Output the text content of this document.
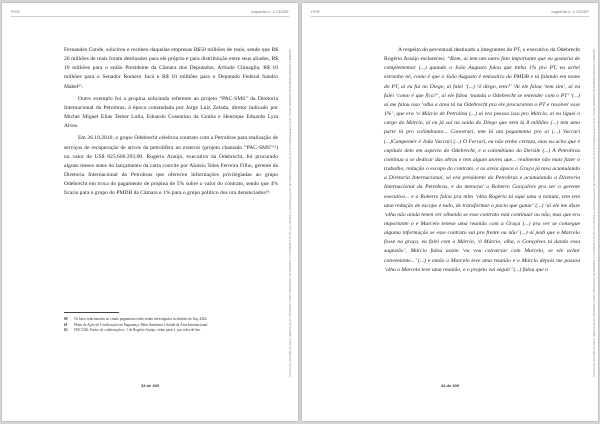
PGR	Inquérito n. 4.133/DF

Fernandes Conde, solicitou e recebeu daquelas empresas R$50 milhões de reais, sendo que R$ 20 milhões de reais foram destinados para ele próprio e para distribuição entre seus aliados, R$ 10 milhões para o então Presidente da Câmara dos Deputados, Arlindo Chinaglia, R$ 10 milhões para o Senador Romero Jucá e R$ 10 milhões para o Deputado Federal Sandro Mabel⁶¹.

Outro exemplo foi a propina solicitada referente ao projeto “PAC-SMS” da Diretoria Internacional da Petrobras, à época comandada por Jorge Luiz Zelada, diretor indicado por Michel Miguel Elias Temer Lulia, Eduardo Cosentino da Cunha e Henrique Eduardo Lyra Alves.

Em 26.10.2010, o grupo Odebrecht celebrou contrato com a Petrobras para realização de serviços de recuperação de ativos da petrolífera no exterior (projeto chamado “PAC-SMS”⁶²) no valor de US$ 825.660.293,00. Rogério Araújo, executivo da Odebrecht, foi procurado alguns meses antes do lançamento da carta convite por Aluísio Teles Ferreira Filho, gerente da Diretoria Internacional da Petrobras que ofereceu informações privilegiadas ao grupo Odebrecht em troca do pagamento de propina de 5% sobre o valor do contrato, sendo que 4% ficaria para o grupo do PMDB da Câmara e 1% para o grupo político dos ora denunciados⁶³.

60 Os fatos relacionados ao citado pagamento estão sendo investigados no âmbito do Inq. 4462.
61 Plano de Ação de Certificação em Segurança, Meio Ambiente e Saúde da Área Internacional.
62 DOC3.86: Termo de colaboração n. 1 de Rogério Araújo, vídeo parte I, por volta de 6m.
33 de 209
Documento assinado via Token digitalmente por RODRIGO JANOT MONTEIRO DE BARROS, em 05/09/2017 19:45. Para verificar a assinatura acesse http://www.transparencia.mpf.mp.br/validacaodocumento. Chave 3E9A2E5D.5D2E4B59.E01B3C4E.16A0B6DB
PGR	Inquérito n. 4.133/DF

A respeito do percentual destinado a integrantes do PT, o executivo da Odebrecht Rogério Araújo esclareceu: “Bom, aí tem um outro fato importante que eu gostaria de complementar (...) quando o João Augusto falou que tinha 1% pro PT, eu achei estranho né, como é que o João Augusto é emissário do PMDB e tá falando em nome do PT, aí eu fui no Diego, aí falei ‘(...) ‘ô diego, tem?’ ‘Aí ele falou ‘tem sim’, aí eu falei ‘como é que fica?’, aí ele falou ‘manda o Odebrecht se entender com o PT’ ‘(...) aí me falou isso ‘olha a área tá na Odebrecht pra ele procurarem o PT e resolver esse 1%’, que era ‘o Márcio de Petrolina (...) ai era pessoa isso pro Márcio, aí eu liguei o cargo do Márcio, aí eu já saí na saída do Diego que nem lá 8 milhões (...) tem uma parte lá pro colômbiano... Conversei, tem lá um pagamento pro aí (...) Vaccari (...)Campomér é João Vaccari (...) O Ferrari, eu não tenho certeza, mas eu acho que é capítulo dele em aspecto do Odebrecht, e o colombiano do Dersile (...) A Petrobras continua a se dedicar das obras e tem algum atores que... realmente não mais fazer o trabalho, redução o escopo do contrato, e as areia ápoca a Graça já tava acumulando a Diretoria Internacional, só era presidente da Petrobras e acumulando a Diretoria Internacional da Petrobras, e da menorar o Roberto Gonçalves pra ser o gerente executivo... e o Roberto falou pra mim ‘olha Rogério tá aqui uma a minuta, tem tem uma redução de escopo e tudo, de transformar o pacto que ganar’ (...) ‘aí ele me disse ‘olha não ainda tenen ver olhando se esse contrato está continuar ou não, mas que era importante o e Marcelo tenese uma reunião com a Graça (...) pra ver se consegue alguma informação se esse contrato vai pra frente ou não’ (...) aí pedi que o Marcelo fosse na graça, eu falei com o Márcio, ‘ô Márcio, olha, o Gonçalves tá dando essa sugestão’, Márcio falou assim ‘eu vou conversar com Marcelo, se ele achar conveniente...’ (...) e então o Marcelo teve uma reunião e o Márcio depois me passou ‘olha o Marcelo teve uma reunião, e o projeto vai seguir’ (...) falou que o

34 de 209
Documento assinado via Token digitalmente por RODRIGO JANOT MONTEIRO DE BARROS, em 05/09/2017 19:45. Para verificar a assinatura acesse http://www.transparencia.mpf.mp.br/validacaodocumento. Chave 3E9A2E5D.5D2E4B59.E01B3C4E.16A0B6DB
